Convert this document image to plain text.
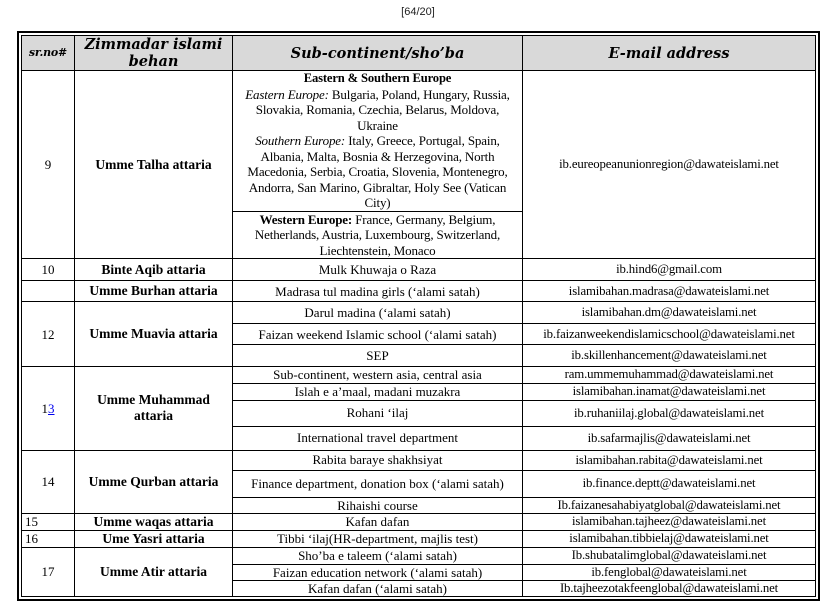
[64/20]
sr.no#	Zimmadar islami behan	Sub-continent/sho’ba	E-mail address
9	Umme Talha attaria	Eastern & Southern Europe
Eastern Europe: Bulgaria, Poland, Hungary, Russia, Slovakia, Romania, Czechia, Belarus, Moldova, Ukraine
Southern Europe: Italy, Greece, Portugal, Spain, Albania, Malta, Bosnia & Herzegovina, North Macedonia, Serbia, Croatia, Slovenia, Montenegro, Andorra, San Marino, Gibraltar, Holy See (Vatican City)	ib.eureopeanunionregion@dawateislami.net
		Western Europe: France, Germany, Belgium, Netherlands, Austria, Luxembourg, Switzerland, Liechtenstein, Monaco	
10	Binte Aqib attaria	Mulk Khuwaja o Raza	ib.hind6@gmail.com
	Umme Burhan attaria	Madrasa tul madina girls (‘alami satah)	islamibahan.madrasa@dawateislami.net
12	Umme Muavia attaria	Darul madina (‘alami satah)	islamibahan.dm@dawateislami.net
		Faizan weekend Islamic school (‘alami satah)	ib.faizanweekendislamicschool@dawateislami.net
		SEP	ib.skillenhancement@dawateislami.net
13	Umme Muhammad attaria	Sub-continent, western asia, central asia	ram.ummemuhammad@dawateislami.net
		Islah e a’maal, madani muzakra	islamibahan.inamat@dawateislami.net
		Rohani ‘ilaj	ib.ruhaniilaj.global@dawateislami.net
		International travel department	ib.safarmajlis@dawateislami.net
14	Umme Qurban attaria	Rabita baraye shakhsiyat	islamibahan.rabita@dawateislami.net
		Finance department, donation box (‘alami satah)	ib.finance.deptt@dawateislami.net
		Rihaishi course	Ib.faizanesahabiyatglobal@dawateislami.net
15	Umme waqas attaria	Kafan dafan	islamibahan.tajheez@dawateislami.net
16	Ume Yasri attaria	Tibbi ‘ilaj(HR-department, majlis test)	islamibahan.tibbielaj@dawateislami.net
17	Umme Atir attaria	Sho’ba e taleem (‘alami satah)	Ib.shubatalimglobal@dawateislami.net
		Faizan education network (‘alami satah)	ib.fenglobal@dawateislami.net
		Kafan dafan (‘alami satah)	Ib.tajheezotakfeenglobal@dawateislami.net
